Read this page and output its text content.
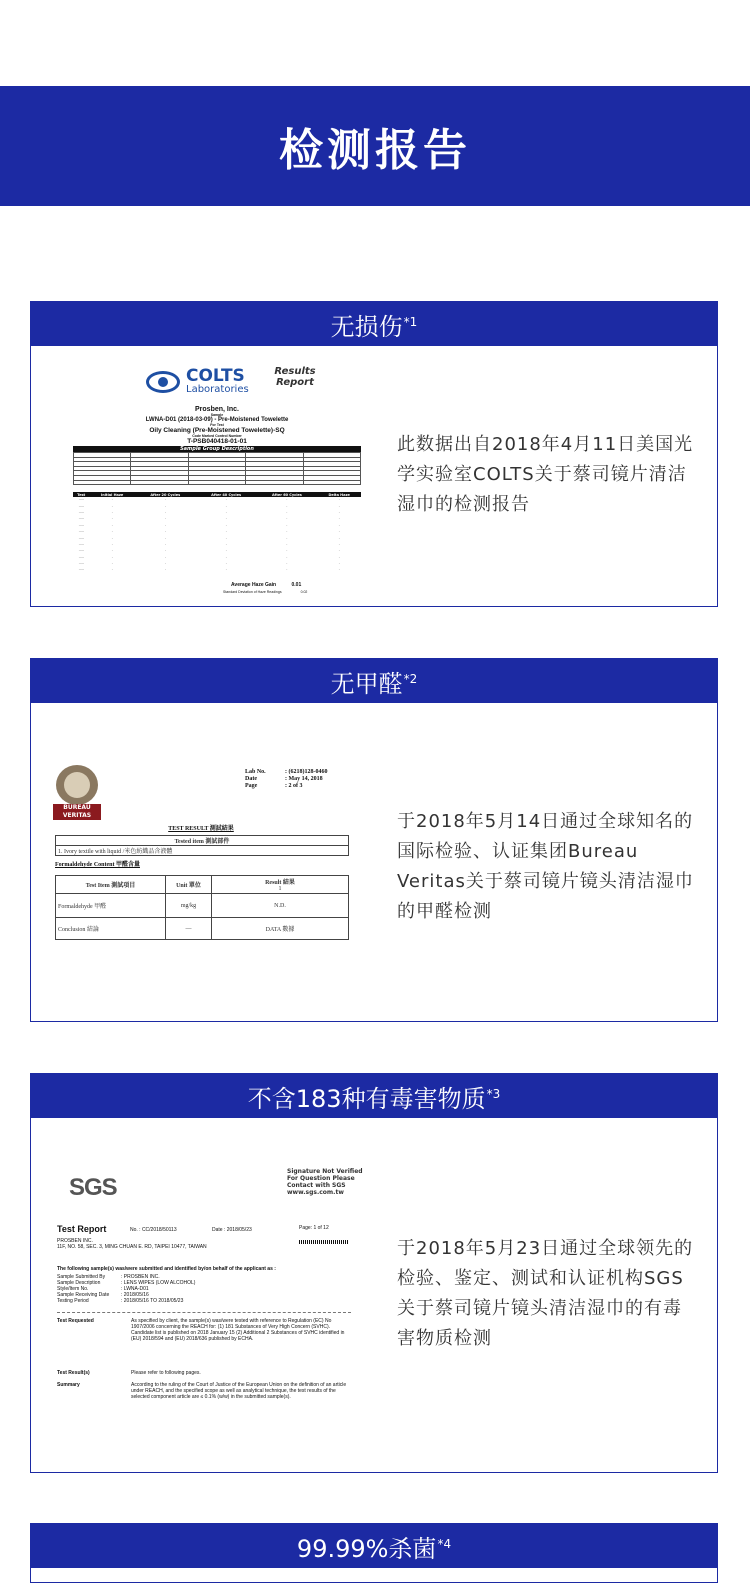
检测报告
无损伤$^{*1}$
COLTS
Laboratories
Results Report
Prosben, Inc.
Sample
LWNA-D01 (2018-03-09) - Pre-Moistened Towelette
For Test
Oily Cleaning (Pre-Moistened Towelette)-SQ
Code Marked Control Number
T-PSB040418-01-01
Sample Group Description

Test	Initial Haze	After 20 Cycles	After 40 Cycles	After 60 Cycles	Delta Haze
·····	·	·	·	·	·
·····	·	·	·	·	·
·····	·	·	·	·	·
·····	·	·	·	·	·
·····	·	·	·	·	·
·····	·	·	·	·	·
·····	·	·	·	·	·
·····	·	·	·	·	·
·····	·	·	·	·	·
·····	·	·	·	·	·
·····	·	·	·	·	·
·····	·	·	·	·	·
Average Haze Gain	0.01
Standard Deviation of Haze Readings	0.02
此数据出自2018年4月11日美国光学实验室COLTS关于蔡司镜片清洁湿巾的检测报告
无甲醛$^{*2}$
BUREAU VERITAS
Lab No.	: (6218)128-0460
Date	: May 14, 2018
Page	: 2 of 3
TEST RESULT 測試結果
Tested item 測試部件
1. Ivory textile with liquid /米色紡織品含液體
Formaldehyde Content 甲醛含量
Test Item 測試項目	Unit 單位	Result 結果
1

Formaldehyde 甲醛	mg/kg	N.D.
Conclusion 結論	—	DATA 數據
于2018年5月14日通过全球知名的国际检验、认证集团Bureau Veritas关于蔡司镜片镜头清洁湿巾的甲醛检测
不含183种有毒害物质$^{*3}$
SGS
Signature Not Verified
For Question Please
Contact with SGS
www.sgs.com.tw
Test Report	No. : CC/2018/50113	Date : 2018/05/23	Page: 1 of 12
PROSBEN INC.
11F, NO. 58, SEC. 3, MING CHUAN E. RD, TAIPEI 10477, TAIWAN
The following sample(s) was/were submitted and identified by/on behalf of the applicant as :
Sample Submitted By	: PROSBEN INC.
Sample Description	: LENS WIPES (LOW ALCOHOL)
Style/Item No.	: LWNA-D01
Sample Receiving Date : 2018/05/16
Testing Period	: 2018/05/16 TO 2018/05/23
Test Requested	As specified by client, the sample(s) was/were tested with reference to Regulation (EC) No 1907/2006 concerning the REACH for: (1) 181 Substances of Very High Concern (SVHC). Candidate list is published on 2018 January 15 (2) Additional 2 Substances of SVHC identified in (EU) 2018/594 and (EU) 2018/636 published by ECHA.
Test Result(s)	Please refer to following pages.
Summary	According to the ruling of the Court of Justice of the European Union on the definition of an article under REACH, and the specified scope as well as analytical technique, the test results of the selected component article are ≤ 0.1% (w/w) in the submitted sample(s).
于2018年5月23日通过全球领先的检验、鉴定、测试和认证机构SGS关于蔡司镜片镜头清洁湿巾的有毒害物质检测
99.99%杀菌$^{*4}$
